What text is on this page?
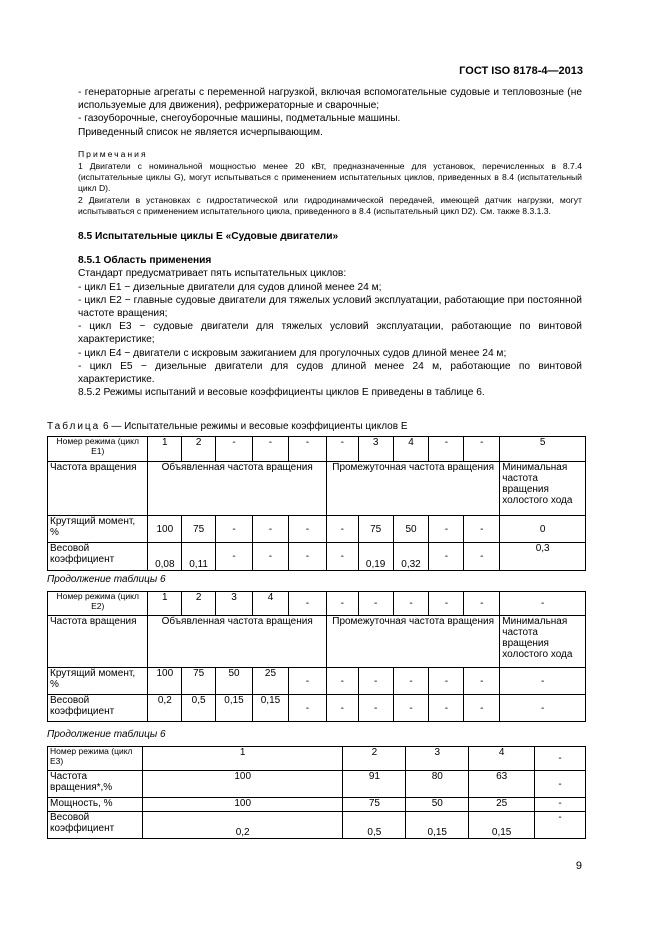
ГОСТ ISO 8178-4—2013

- генераторные агрегаты с переменной нагрузкой, включая вспомогательные судовые и тепловозные (не используемые для движения), рефрижераторные и сварочные;

- газоуборочные, снегоуборочные машины, подметальные машины.

Приведенный список не является исчерпывающим.

Примечания

1 Двигатели с номинальной мощностью менее 20 кВт, предназначенные для установок, перечисленных в 8.7.4 (испытательные циклы G), могут испытываться с применением испытательных циклов, приведенных в 8.4 (испытательный цикл D).

2 Двигатели в установках с гидростатической или гидродинамической передачей, имеющей датчик нагрузки, могут испытываться с применением испытательного цикла, приведенного в 8.4 (испытательный цикл D2). См. также 8.3.1.3.

8.5 Испытательные циклы Е «Судовые двигатели»

8.5.1 Область применения

Стандарт предусматривает пять испытательных циклов:

- цикл Е1 − дизельные двигатели для судов длиной менее 24 м;

- цикл Е2 − главные судовые двигатели для тяжелых условий эксплуатации, работающие при постоянной частоте вращения;

- цикл Е3 − судовые двигатели для тяжелых условий эксплуатации, работающие по винтовой характеристике;

- цикл Е4 − двигатели с искровым зажиганием для прогулочных судов длиной менее 24 м;

- цикл Е5 − дизельные двигатели для судов длиной менее 24 м, работающие по винтовой характеристике.

8.5.2 Режимы испытаний и весовые коэффициенты циклов Е приведены в таблице 6.

Таблица 6 — Испытательные режимы и весовые коэффициенты циклов Е
Номер режима (цикл Е1)	1	2	-	-	-	-	3	4	-	-	5
Частота вращения	Объявленная частота вращения					Промежуточная частота вращения					Минимальная частота вращения холостого хода
Крутящий момент, %	100	75	-	-	-	-	75	50	-	-	0
Весовой коэффициент	0,08	0,11	-	-	-	-	0,19	0,32	-	-	0,3
Продолжение таблицы 6
Номер режима (цикл Е2)	1	2	3	4	-	-	-	-	-	-	-
Частота вращения	Объявленная частота вращения					Промежуточная частота вращения					Минимальная частота вращения холостого хода
Крутящий момент, %	100	75	50	25	-	-	-	-	-	-	-
Весовой коэффициент	0,2	0,5	0,15	0,15	-	-	-	-	-	-	-
Продолжение таблицы 6
Номер режима (цикл Е3)	1	2	3	4	-
Частота вращения*,%	100	91	80	63	-
Мощность, %	100	75	50	25	-
Весовой коэффициент	0,2	0,5	0,15	0,15	-
9
